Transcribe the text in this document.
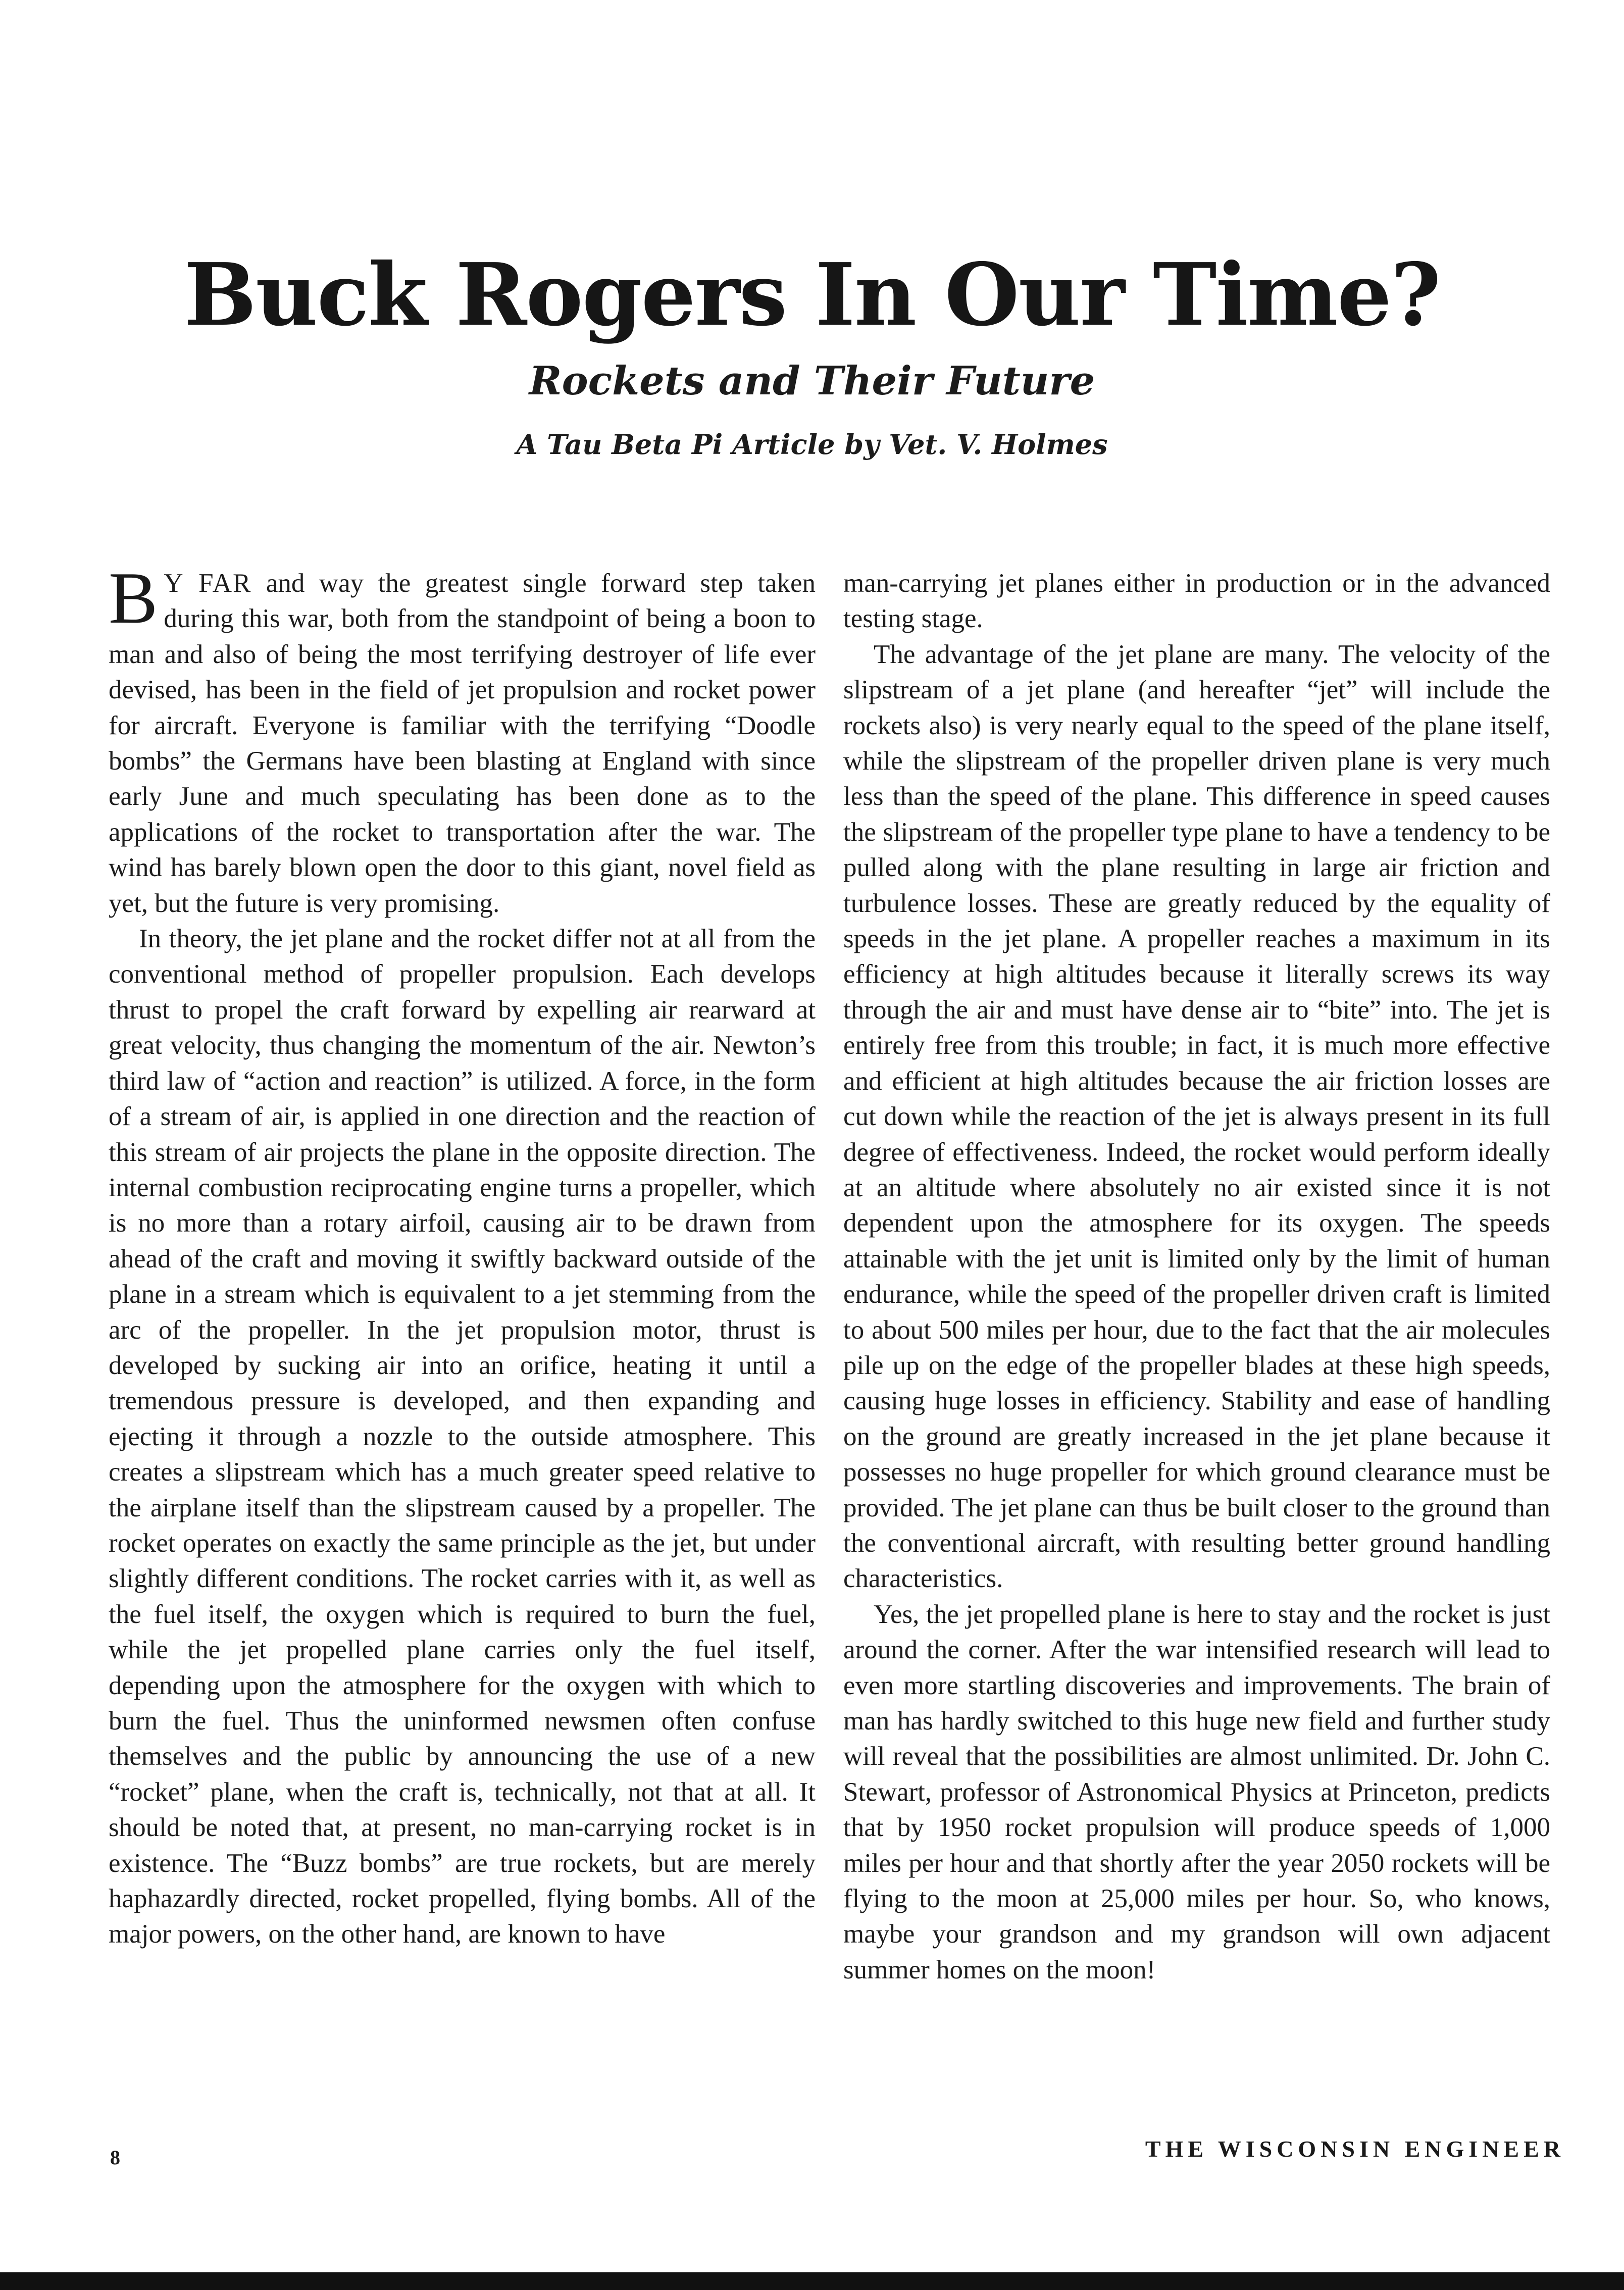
Buck Rogers In Our Time?
Rockets and Their Future
A Tau Beta Pi Article by Vet. V. Holmes

B Y FAR and way the greatest single forward step taken during this war, both from the standpoint of being a boon to man and also of being the most terrifying destroyer of life ever devised, has been in the field of jet propulsion and rocket power for aircraft. Everyone is familiar with the terrifying “Doodle bombs” the Germans have been blasting at England with since early June and much speculating has been done as to the applications of the rocket to transportation after the war. The wind has barely blown open the door to this giant, novel field as yet, but the future is very promising.

In theory, the jet plane and the rocket differ not at all from the conventional method of propeller propulsion. Each develops thrust to propel the craft forward by expelling air rearward at great velocity, thus changing the momentum of the air. Newton’s third law of “action and reaction” is utilized. A force, in the form of a stream of air, is applied in one direction and the reaction of this stream of air projects the plane in the opposite direction. The internal combustion reciprocating engine turns a propeller, which is no more than a rotary airfoil, causing air to be drawn from ahead of the craft and moving it swiftly backward outside of the plane in a stream which is equivalent to a jet stemming from the arc of the propeller. In the jet propulsion motor, thrust is developed by sucking air into an orifice, heating it until a tremendous pressure is developed, and then expanding and ejecting it through a nozzle to the outside atmosphere. This creates a slipstream which has a much greater speed relative to the airplane itself than the slipstream caused by a propeller. The rocket operates on exactly the same principle as the jet, but under slightly different conditions. The rocket carries with it, as well as the fuel itself, the oxygen which is required to burn the fuel, while the jet propelled plane carries only the fuel itself, depending upon the atmosphere for the oxygen with which to burn the fuel. Thus the uninformed newsmen often confuse themselves and the public by announcing the use of a new “rocket” plane, when the craft is, technically, not that at all. It should be noted that, at present, no man-carrying rocket is in existence. The “Buzz bombs” are true rockets, but are merely haphazardly directed, rocket propelled, flying bombs. All of the major powers, on the other hand, are known to have

man-carrying jet planes either in production or in the advanced testing stage.

The advantage of the jet plane are many. The velocity of the slipstream of a jet plane (and hereafter “jet” will include the rockets also) is very nearly equal to the speed of the plane itself, while the slipstream of the propeller driven plane is very much less than the speed of the plane. This difference in speed causes the slipstream of the propeller type plane to have a tendency to be pulled along with the plane resulting in large air friction and turbulence losses. These are greatly reduced by the equality of speeds in the jet plane. A propeller reaches a maximum in its efficiency at high altitudes because it literally screws its way through the air and must have dense air to “bite” into. The jet is entirely free from this trouble; in fact, it is much more effective and efficient at high altitudes because the air friction losses are cut down while the reaction of the jet is always present in its full degree of effectiveness. Indeed, the rocket would perform ideally at an altitude where absolutely no air existed since it is not dependent upon the atmosphere for its oxygen. The speeds attainable with the jet unit is limited only by the limit of human endurance, while the speed of the propeller driven craft is limited to about 500 miles per hour, due to the fact that the air molecules pile up on the edge of the propeller blades at these high speeds, causing huge losses in efficiency. Stability and ease of handling on the ground are greatly increased in the jet plane because it possesses no huge propeller for which ground clearance must be provided. The jet plane can thus be built closer to the ground than the conventional aircraft, with resulting better ground handling characteristics.

Yes, the jet propelled plane is here to stay and the rocket is just around the corner. After the war intensified research will lead to even more startling discoveries and improvements. The brain of man has hardly switched to this huge new field and further study will reveal that the possibilities are almost unlimited. Dr. John C. Stewart, professor of Astronomical Physics at Princeton, predicts that by 1950 rocket propulsion will produce speeds of 1,000 miles per hour and that shortly after the year 2050 rockets will be flying to the moon at 25,000 miles per hour. So, who knows, maybe your grandson and my grandson will own adjacent summer homes on the moon!

8	THE WISCONSIN ENGINEER
